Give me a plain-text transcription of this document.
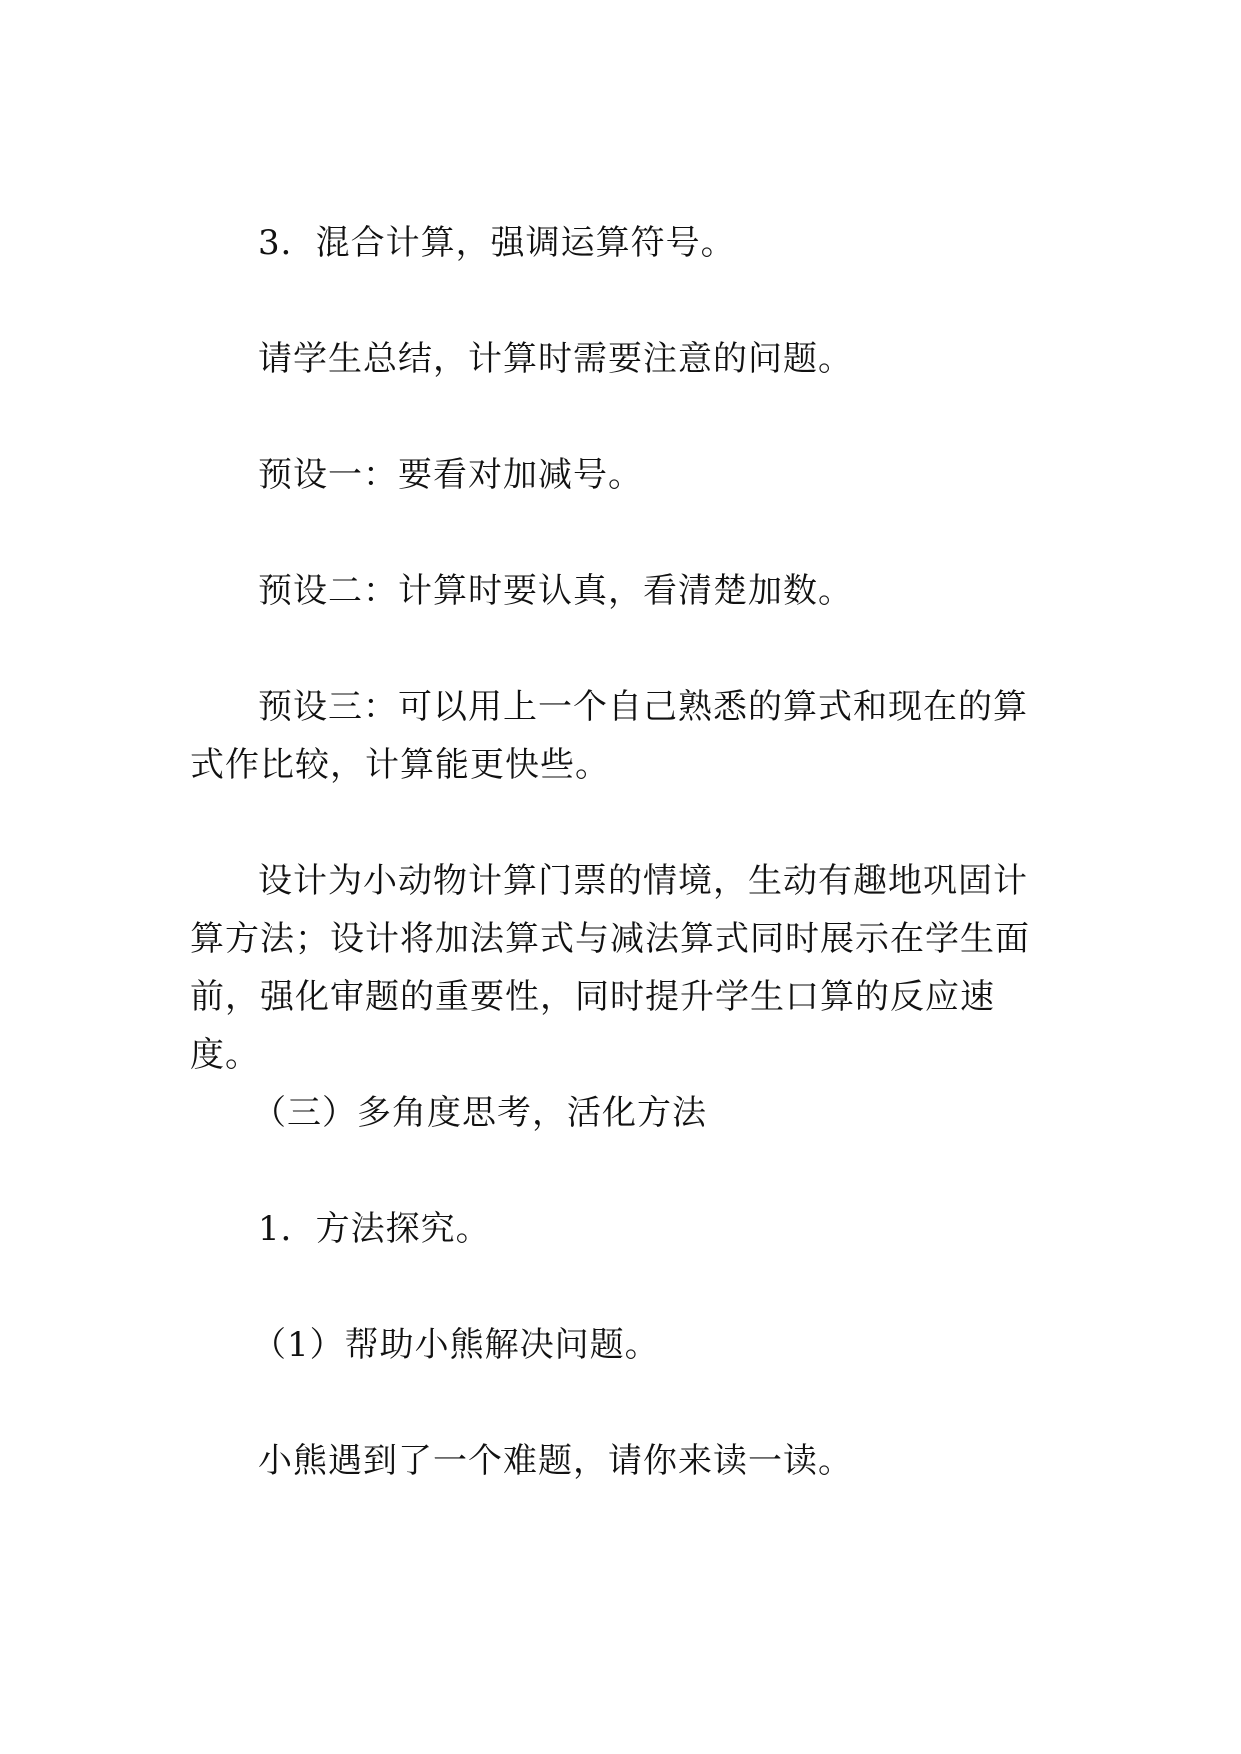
3．混合计算，强调运算符号。

请学生总结，计算时需要注意的问题。

预设一：要看对加减号。

预设二：计算时要认真，看清楚加数。

预设三：可以用上一个自己熟悉的算式和现在的算式作比较，计算能更快些。

设计为小动物计算门票的情境，生动有趣地巩固计算方法；设计将加法算式与减法算式同时展示在学生面前，强化审题的重要性，同时提升学生口算的反应速度。

（三）多角度思考，活化方法

1．方法探究。

（1）帮助小熊解决问题。

小熊遇到了一个难题，请你来读一读。
